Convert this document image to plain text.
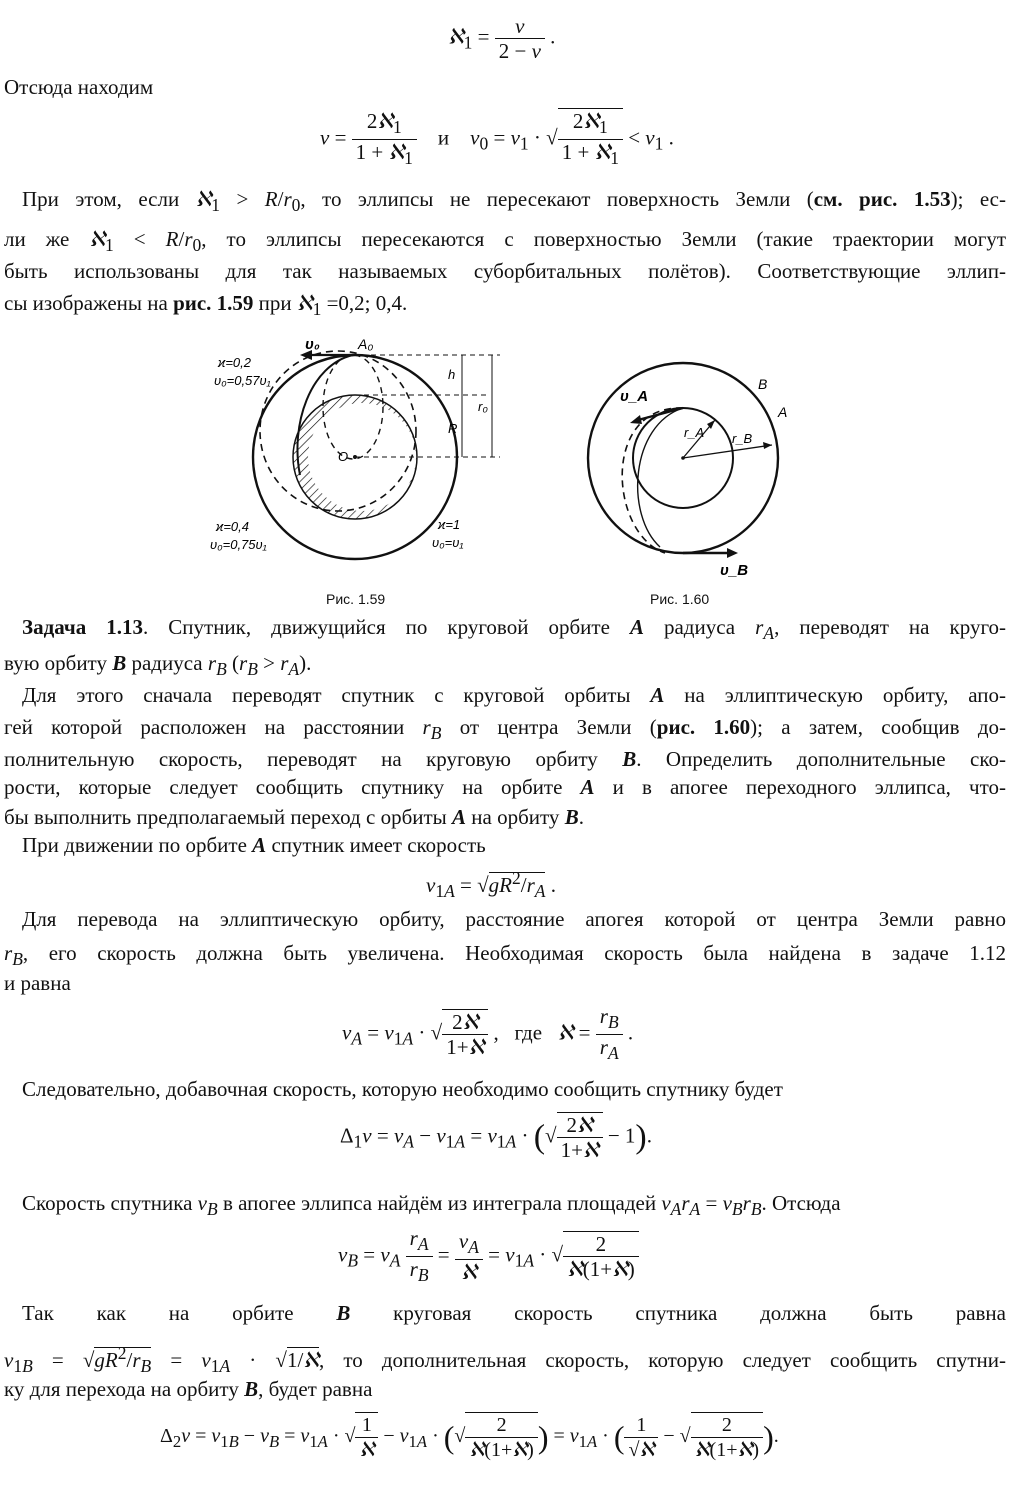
ℵ$_1$ = $\frac{\nu}{2 - \nu}$ .
Отсюда находим
$\nu = \frac{2ℵ_1}{1 + ℵ_1}$ и $v_0 = v_1$ · √ $\frac{2ℵ_1}{1 + ℵ_1} < v_1$ .
При этом, если ℵ$_1$ > $R/r_0$, то эллипсы не пересекают поверхность Земли (см. рис. 1.53); ес-
ли же ℵ$_1$ < $R/r_0$, то эллипсы пересекаются с поверхностью Земли (такие траектории могут
быть использованы для так называемых суборбитальных полётов). Соответствующие эллип-
сы изображены на рис. 1.59 при ℵ$_1$ =0,2; 0,4.
υ₀	A₀
ϰ=0,2
υ₀=0,57υ₁	h
r₀
R
O
ϰ=0,4
υ₀=0,75υ₁
ϰ=1
υ₀=υ₁
Рис. 1.59
υ_A
B
A
r_A r_B
υ_B
Рис. 1.60
Задача 1.13. Спутник, движущийся по круговой орбите A радиуса $r_A$, переводят на круго-
вую орбиту B радиуса $r_B$ $(r_B > r_A)$.
Для этого сначала переводят спутник с круговой орбиты A на эллиптическую орбиту, апо-
гей которой расположен на расстоянии $r_B$ от центра Земли (рис. 1.60); а затем, сообщив до-
полнительную скорость, переводят на круговую орбиту B. Определить дополнительные ско-
рости, которые следует сообщить спутнику на орбите A и в апогее переходного эллипса, что-
бы выполнить предполагаемый переход с орбиты A на орбиту B.
При движении по орбите A спутник имеет скорость
$v_{1A} = √gR^2/r_A$ .
Для перевода на эллиптическую орбиту, расстояние апогея которой от центра Земли равно
$r_B$, его скорость должна быть увеличена. Необходимая скорость была найдена в задаче 1.12
и равна
$v_A = v_{1A}$ · √ $\frac{\text{2ℵ}}{\text{1+ℵ}}$ ,   где   ℵ = $\frac{r_B}{r_A}$ .
Следовательно, добавочная скорость, которую необходимо сообщить спутнику будет
$\Delta_1v = v_A - v_{1A} = v_{1A}$ · (√ $\frac{\text{2ℵ}}{\text{1+ℵ}} - 1$).
Скорость спутника $v_B$ в апогее эллипса найдём из интеграла площадей $v_Ar_A = v_Br_B$. Отсюда
$v_B = v_A \frac{r_A}{r_B} = \frac{v_A}{\text{ℵ}} = v_{1A}$ · √ $\frac{2}{\text{ℵ(1+ℵ)}}$
Так как на орбите B круговая скорость спутника должна быть равна
$v_{1B} = √gR^2/r_B = v_{1A}$ · √1/ℵ, то дополнительная скорость, которую следует сообщить спутни-
ку для перехода на орбиту B, будет равна
$\Delta_2v = v_{1B} - v_B = v_{1A}$ · √ $\frac{1}{\text{ℵ}} - v_{1A}$ · (√ $\frac{2}{\text{ℵ(1+ℵ)}}$ ) = $v_{1A}$ · ( $\frac{1}{\text{√ℵ}}$ − √ $\frac{2}{\text{ℵ(1+ℵ)}}$ ).
